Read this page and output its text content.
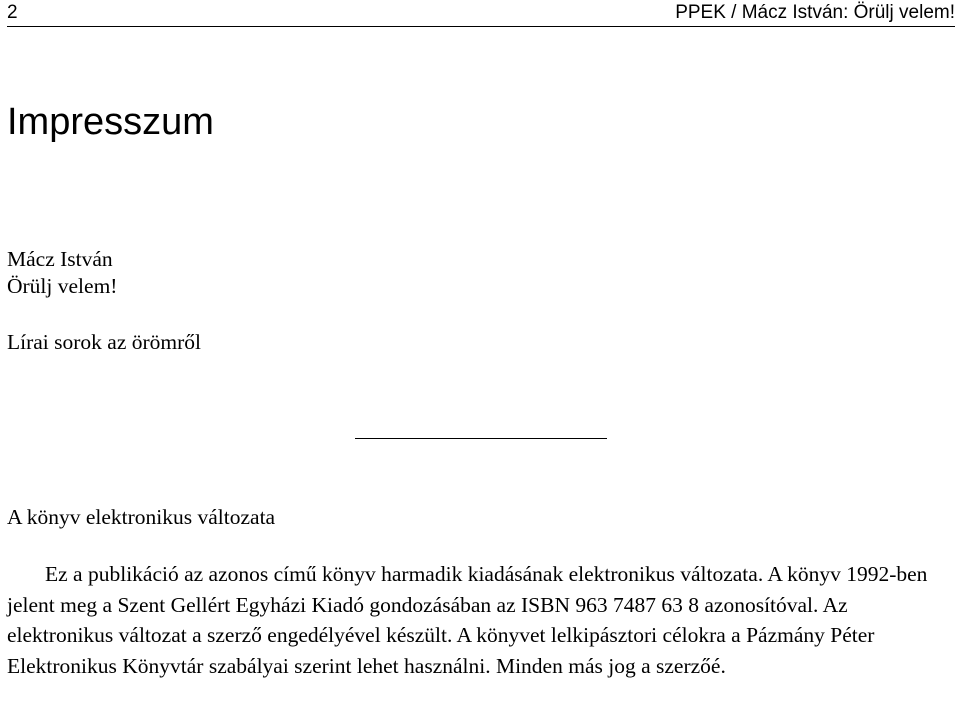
2	PPEK / Mácz István: Örülj velem!
Impresszum

Mácz István

Örülj velem!

Lírai sorok az örömről

A könyv elektronikus változata

Ez a publikáció az azonos című könyv harmadik kiadásának elektronikus változata. A könyv 1992-ben jelent meg a Szent Gellért Egyházi Kiadó gondozásában az ISBN 963 7487 63 8 azonosítóval. Az elektronikus változat a szerző engedélyével készült. A könyvet lelkipásztori célokra a Pázmány Péter Elektronikus Könyvtár szabályai szerint lehet használni. Minden más jog a szerzőé.
